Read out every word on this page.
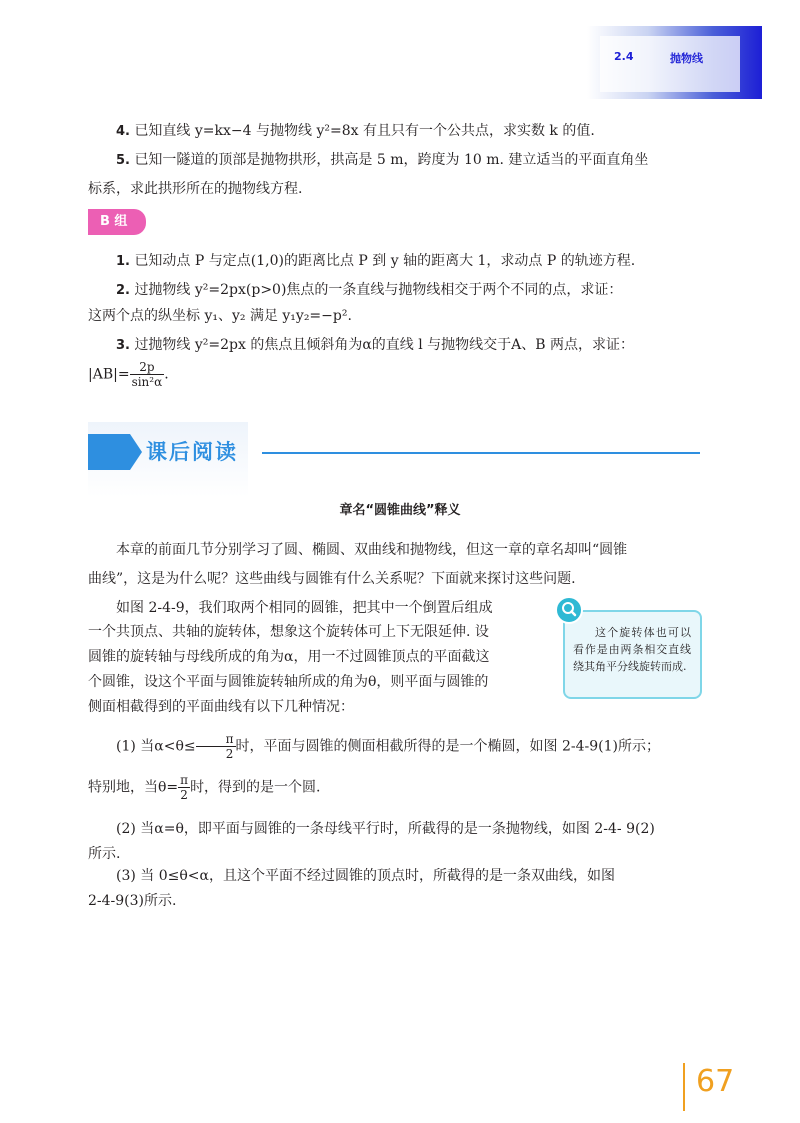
2.4	抛物线
4. 已知直线 y=kx−4 与抛物线 y²=8x 有且只有一个公共点，求实数 k 的值.
5. 已知一隧道的顶部是抛物拱形，拱高是 5 m，跨度为 10 m. 建立适当的平面直角坐
标系，求此拱形所在的抛物线方程.
B 组
1. 已知动点 P 与定点(1,0)的距离比点 P 到 y 轴的距离大 1，求动点 P 的轨迹方程.
2. 过抛物线 y²=2px(p>0)焦点的一条直线与抛物线相交于两个不同的点，求证：
这两个点的纵坐标 y₁、y₂ 满足 y₁y₂=−p².
3. 过抛物线 y²=2px 的焦点且倾斜角为α的直线 l 与抛物线交于A、B 两点，求证：
$|AB|= \frac{2p}{\text{sin²α}}$ .
课后阅读
章名“圆锥曲线”释义
本章的前面几节分别学习了圆、椭圆、双曲线和抛物线，但这一章的章名却叫“圆锥
曲线”，这是为什么呢？这些曲线与圆锥有什么关系呢？下面就来探讨这些问题.
如图 2-4-9，我们取两个相同的圆锥，把其中一个倒置后组成
一个共顶点、共轴的旋转体，想象这个旋转体可上下无限延伸. 设
圆锥的旋转轴与母线所成的角为α，用一不过圆锥顶点的平面截这
个圆锥，设这个平面与圆锥旋转轴所成的角为θ，则平面与圆锥的
侧面相截得到的平面曲线有以下几种情况：
这个旋转体也可以看作是由两条相交直线绕其角平分线旋转而成.
(1) 当$\alpha<\theta\le \frac{\pi}{2}$ 时，平面与圆锥的侧面相截所得的是一个椭圆，如图 2-4-9(1)所示；
特别地，当$\theta= \frac{\pi}{2}$ 时，得到的是一个圆.
(2) 当α=θ，即平面与圆锥的一条母线平行时，所截得的是一条抛物线，如图 2-4- 9(2)
所示.
(3) 当 0≤θ<α，且这个平面不经过圆锥的顶点时，所截得的是一条双曲线，如图
2-4-9(3)所示.
67
